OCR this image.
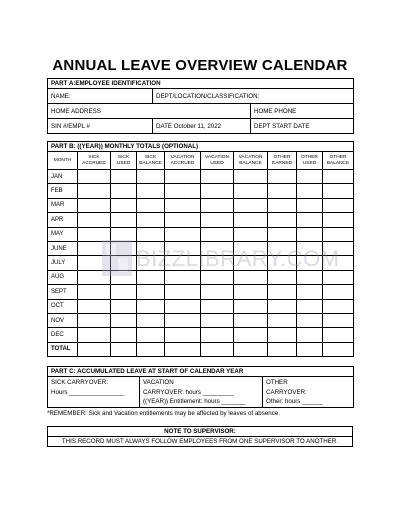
ANNUAL LEAVE OVERVIEW CALENDAR
PART A:EMPLOYEE IDENTIFICATION		
NAME:	DEPT/LOCATION/CLASSIFICATION:	
HOME ADDRESS		HOME PHONE
SIN #/EMPL #	DATE October 11, 2022	DEPT START DATE
PART B: ((YEAR)) MONTHLY TOTALS (OPTIONAL)									
MONTH	SICK ACCRUED	SICK USED	SICK BALANCE	VACATION ACCRUED	VACATION USED	VACATION BALANCE	OTHER EARNED	OTHER USED	OTHER BALANCE
JAN									
FEB									
MAR									
APR									
MAY									
JUNE									
JULY									
AUG									
SEPT									
OCT									
NOV									
DEC									
TOTAL									
BIZZLIBRARY.COM
PART C: ACCUMULATED LEAVE AT START OF CALENDAR YEAR

SICK CARRYOVER:
Hours ________________

VACATION
CARRYOVER: hours _________
((YEAR)) Entitlement: hours _______

OTHER
CARRYOVER:
Other: hours ______
*REMEMBER: Sick and Vacation entitlements may be affected by leaves of absence.
NOTE TO SUPERVISOR:
THIS RECORD MUST ALWAYS FOLLOW EMPLOYEES FROM ONE SUPERVISOR TO ANOTHER.
